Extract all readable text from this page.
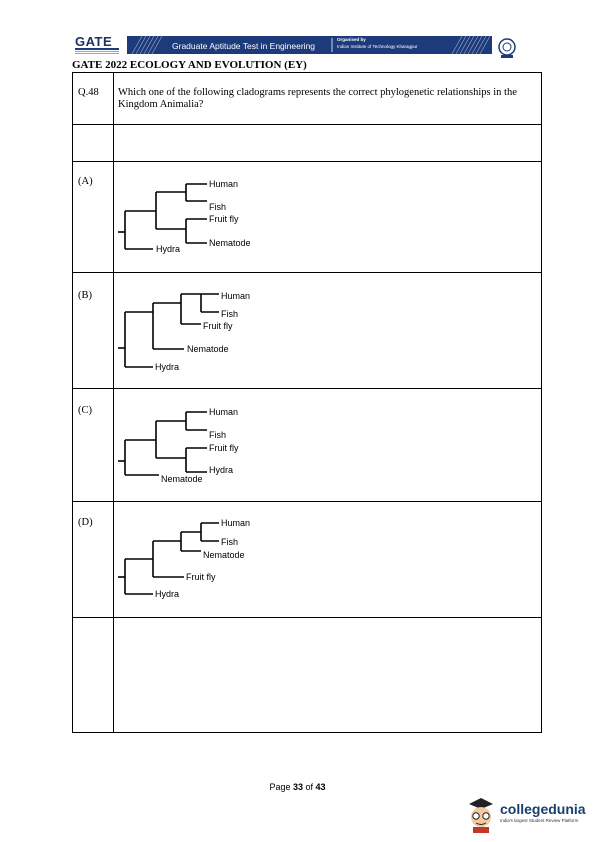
GATE	Graduate Aptitude Test in Engineering
Organised by
Indian Institute of Technology Kharagpur
GATE 2022 ECOLOGY AND EVOLUTION (EY)
Q.48 Which one of the following cladograms represents the correct phylogenetic relationships in the Kingdom Animalia?
(A)	Human
Fish
Fruit fly
Nematode
Hydra
(B)	Human
Fish
Fruit fly
Nematode
Hydra
(C)	Human
Fish
Fruit fly
Hydra
Nematode
(D)	Human
Fish
Nematode
Fruit fly
Hydra
Page 33 of 43
collegedunia
India's largest Student Review Platform
